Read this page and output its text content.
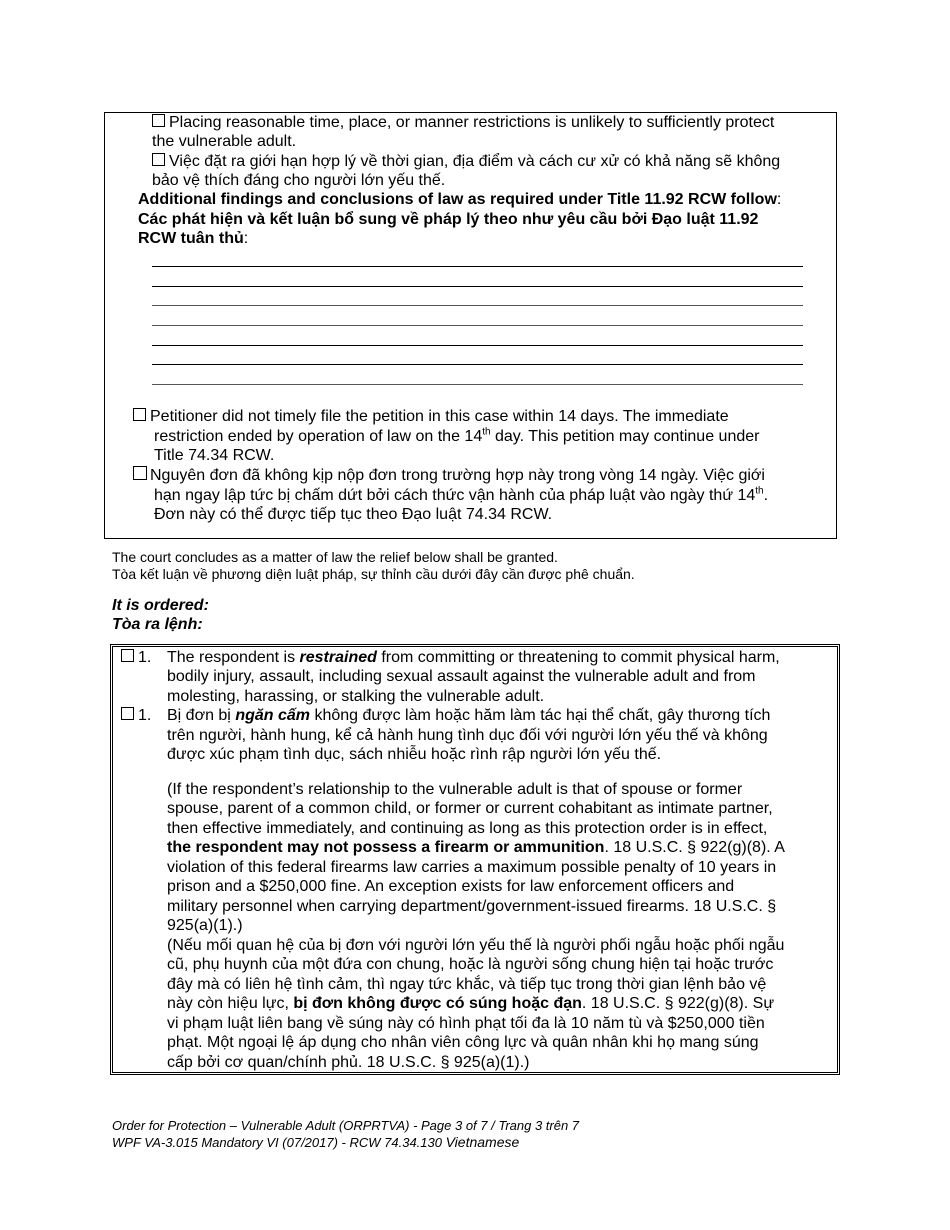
Placing reasonable time, place, or manner restrictions is unlikely to sufficiently protect
the vulnerable adult.
Việc đặt ra giới hạn hợp lý về thời gian, địa điểm và cách cư xử có khả năng sẽ không
bảo vệ thích đáng cho người lớn yếu thế.
Additional findings and conclusions of law as required under Title 11.92 RCW follow:
Các phát hiện và kết luận bổ sung về pháp lý theo như yêu cầu bởi Đạo luật 11.92
RCW tuân thủ:
Petitioner did not timely file the petition in this case within 14 days. The immediate
restriction ended by operation of law on the 14th day. This petition may continue under
Title 74.34 RCW.
Nguyên đơn đã không kịp nộp đơn trong trường hợp này trong vòng 14 ngày. Việc giới
hạn ngay lập tức bị chấm dứt bởi cách thức vận hành của pháp luật vào ngày thứ 14th.
Đơn này có thể được tiếp tục theo Đạo luật 74.34 RCW.
The court concludes as a matter of law the relief below shall be granted.
Tòa kết luận về phương diện luật pháp, sự thỉnh cầu dưới đây cần được phê chuẩn.
It is ordered:
Tòa ra lệnh:
1. The respondent is restrained from committing or threatening to commit physical harm,
bodily injury, assault, including sexual assault against the vulnerable adult and from
molesting, harassing, or stalking the vulnerable adult.
1. Bị đơn bị ngăn cấm không được làm hoặc hăm làm tác hại thể chất, gây thương tích
trên người, hành hung, kể cả hành hung tình dục đối với người lớn yếu thế và không
được xúc phạm tình dục, sách nhiễu hoặc rình rập người lớn yếu thế.
(If the respondent’s relationship to the vulnerable adult is that of spouse or former
spouse, parent of a common child, or former or current cohabitant as intimate partner,
then effective immediately, and continuing as long as this protection order is in effect,
the respondent may not possess a firearm or ammunition. 18 U.S.C. § 922(g)(8). A
violation of this federal firearms law carries a maximum possible penalty of 10 years in
prison and a $250,000 fine. An exception exists for law enforcement officers and
military personnel when carrying department/government-issued firearms. 18 U.S.C. §
925(a)(1).)
(Nếu mối quan hệ của bị đơn với người lớn yếu thế là người phối ngẫu hoặc phối ngẫu
cũ, phụ huynh của một đứa con chung, hoặc là người sống chung hiện tại hoặc trước
đây mà có liên hệ tình cảm, thì ngay tức khắc, và tiếp tục trong thời gian lệnh bảo vệ
này còn hiệu lực, bị đơn không được có súng hoặc đạn. 18 U.S.C. § 922(g)(8). Sự
vi phạm luật liên bang về súng này có hình phạt tối đa là 10 năm tù và $250,000 tiền
phạt. Một ngoại lệ áp dụng cho nhân viên công lực và quân nhân khi họ mang súng
cấp bởi cơ quan/chính phủ. 18 U.S.C. § 925(a)(1).)
Order for Protection – Vulnerable Adult (ORPRTVA) - Page 3 of 7 / Trang 3 trên 7
WPF VA-3.015 Mandatory VI (07/2017) - RCW 74.34.130 Vietnamese
